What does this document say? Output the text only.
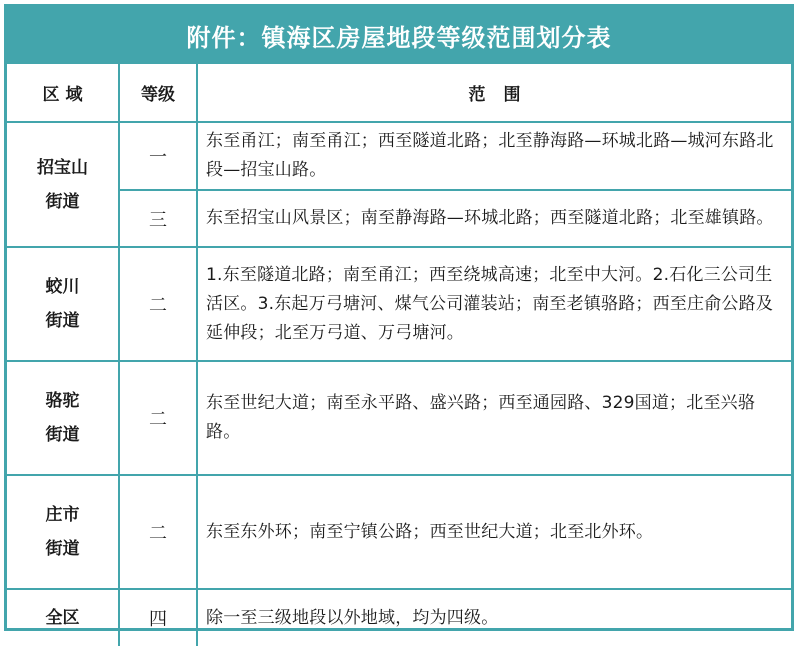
附件：镇海区房屋地段等级范围划分表
区 域	等级	范围
招宝山
街道	一	东至甬江；南至甬江；西至隧道北路；北至静海路—环城北路—城河东路北段—招宝山路。
	三	东至招宝山风景区；南至静海路—环城北路；西至隧道北路；北至雄镇路。
蛟川
街道	二	1.东至隧道北路；南至甬江；西至绕城高速；北至中大河。2.石化三公司生活区。3.东起万弓塘河、煤气公司灌装站；南至老镇骆路；西至庄俞公路及延伸段；北至万弓道、万弓塘河。
骆驼
街道	二	东至世纪大道；南至永平路、盛兴路；西至通园路、329国道；北至兴骆路。
庄市
街道	二	东至东外环；南至宁镇公路；西至世纪大道；北至北外环。
全区	四	除一至三级地段以外地域，均为四级。
